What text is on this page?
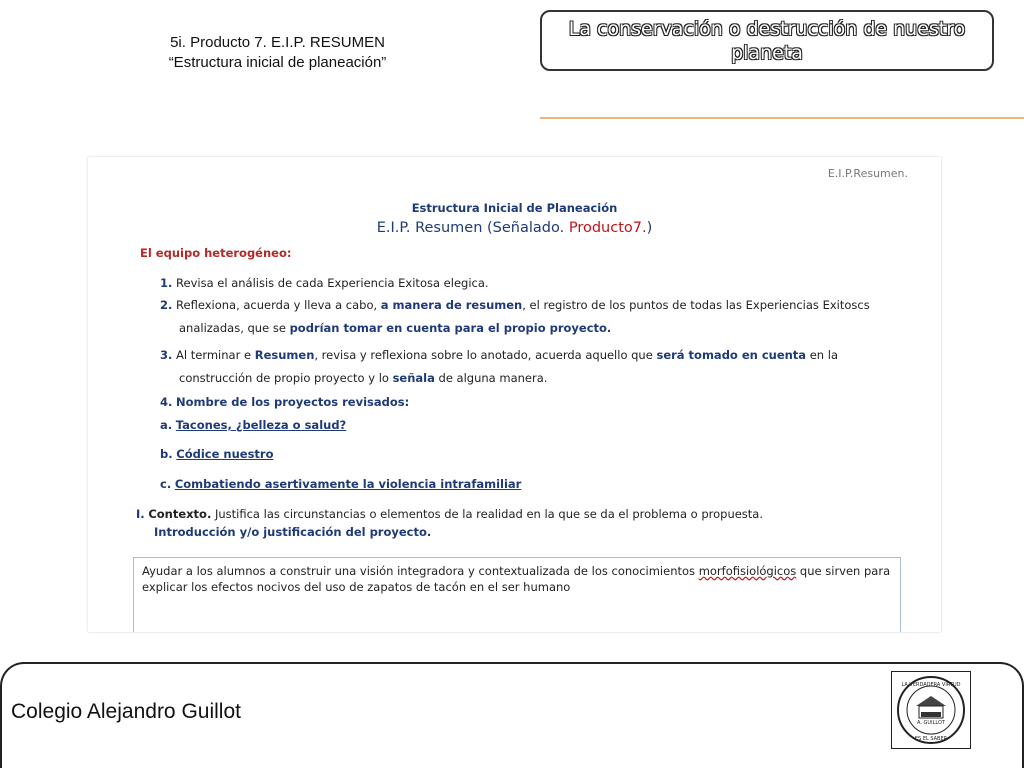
5i. Producto 7. E.I.P. RESUMEN
“Estructura inicial de planeación”
La conservación o destrucción de nuestro planeta
E.I.P.Resumen.
Estructura Inicial de Planeación
E.I.P. Resumen (Señalado. Producto7.)
El equipo heterogéneo:
1. Revisa el análisis de cada Experiencia Exitosa elegica.
2. Reflexiona, acuerda y lleva a cabo, a manera de resumen, el registro de los puntos de todas las Experiencias Exitoscs
analizadas, que se podrían tomar en cuenta para el propio proyecto.
3. Al terminar e Resumen, revisa y reflexiona sobre lo anotado, acuerda aquello que será tomado en cuenta en la
construcción de propio proyecto y lo señala de alguna manera.
4. Nombre de los proyectos revisados:
a. Tacones, ¿belleza o salud?
b. Códice nuestro
c. Combatiendo asertivamente la violencia intrafamiliar
I. Contexto. Justifica las circunstancias o elementos de la realidad en la que se da el problema o propuesta.
Introducción y/o justificación del proyecto.
Ayudar a los alumnos a construir una visión integradora y contextualizada de los conocimientos morfofisiológicos que sirven para explicar los efectos nocivos del uso de zapatos de tacón en el ser humano
Colegio Alejandro Guillot
LA VERDADERA VIRTUD
A. GUILLOT
ES EL SABER
